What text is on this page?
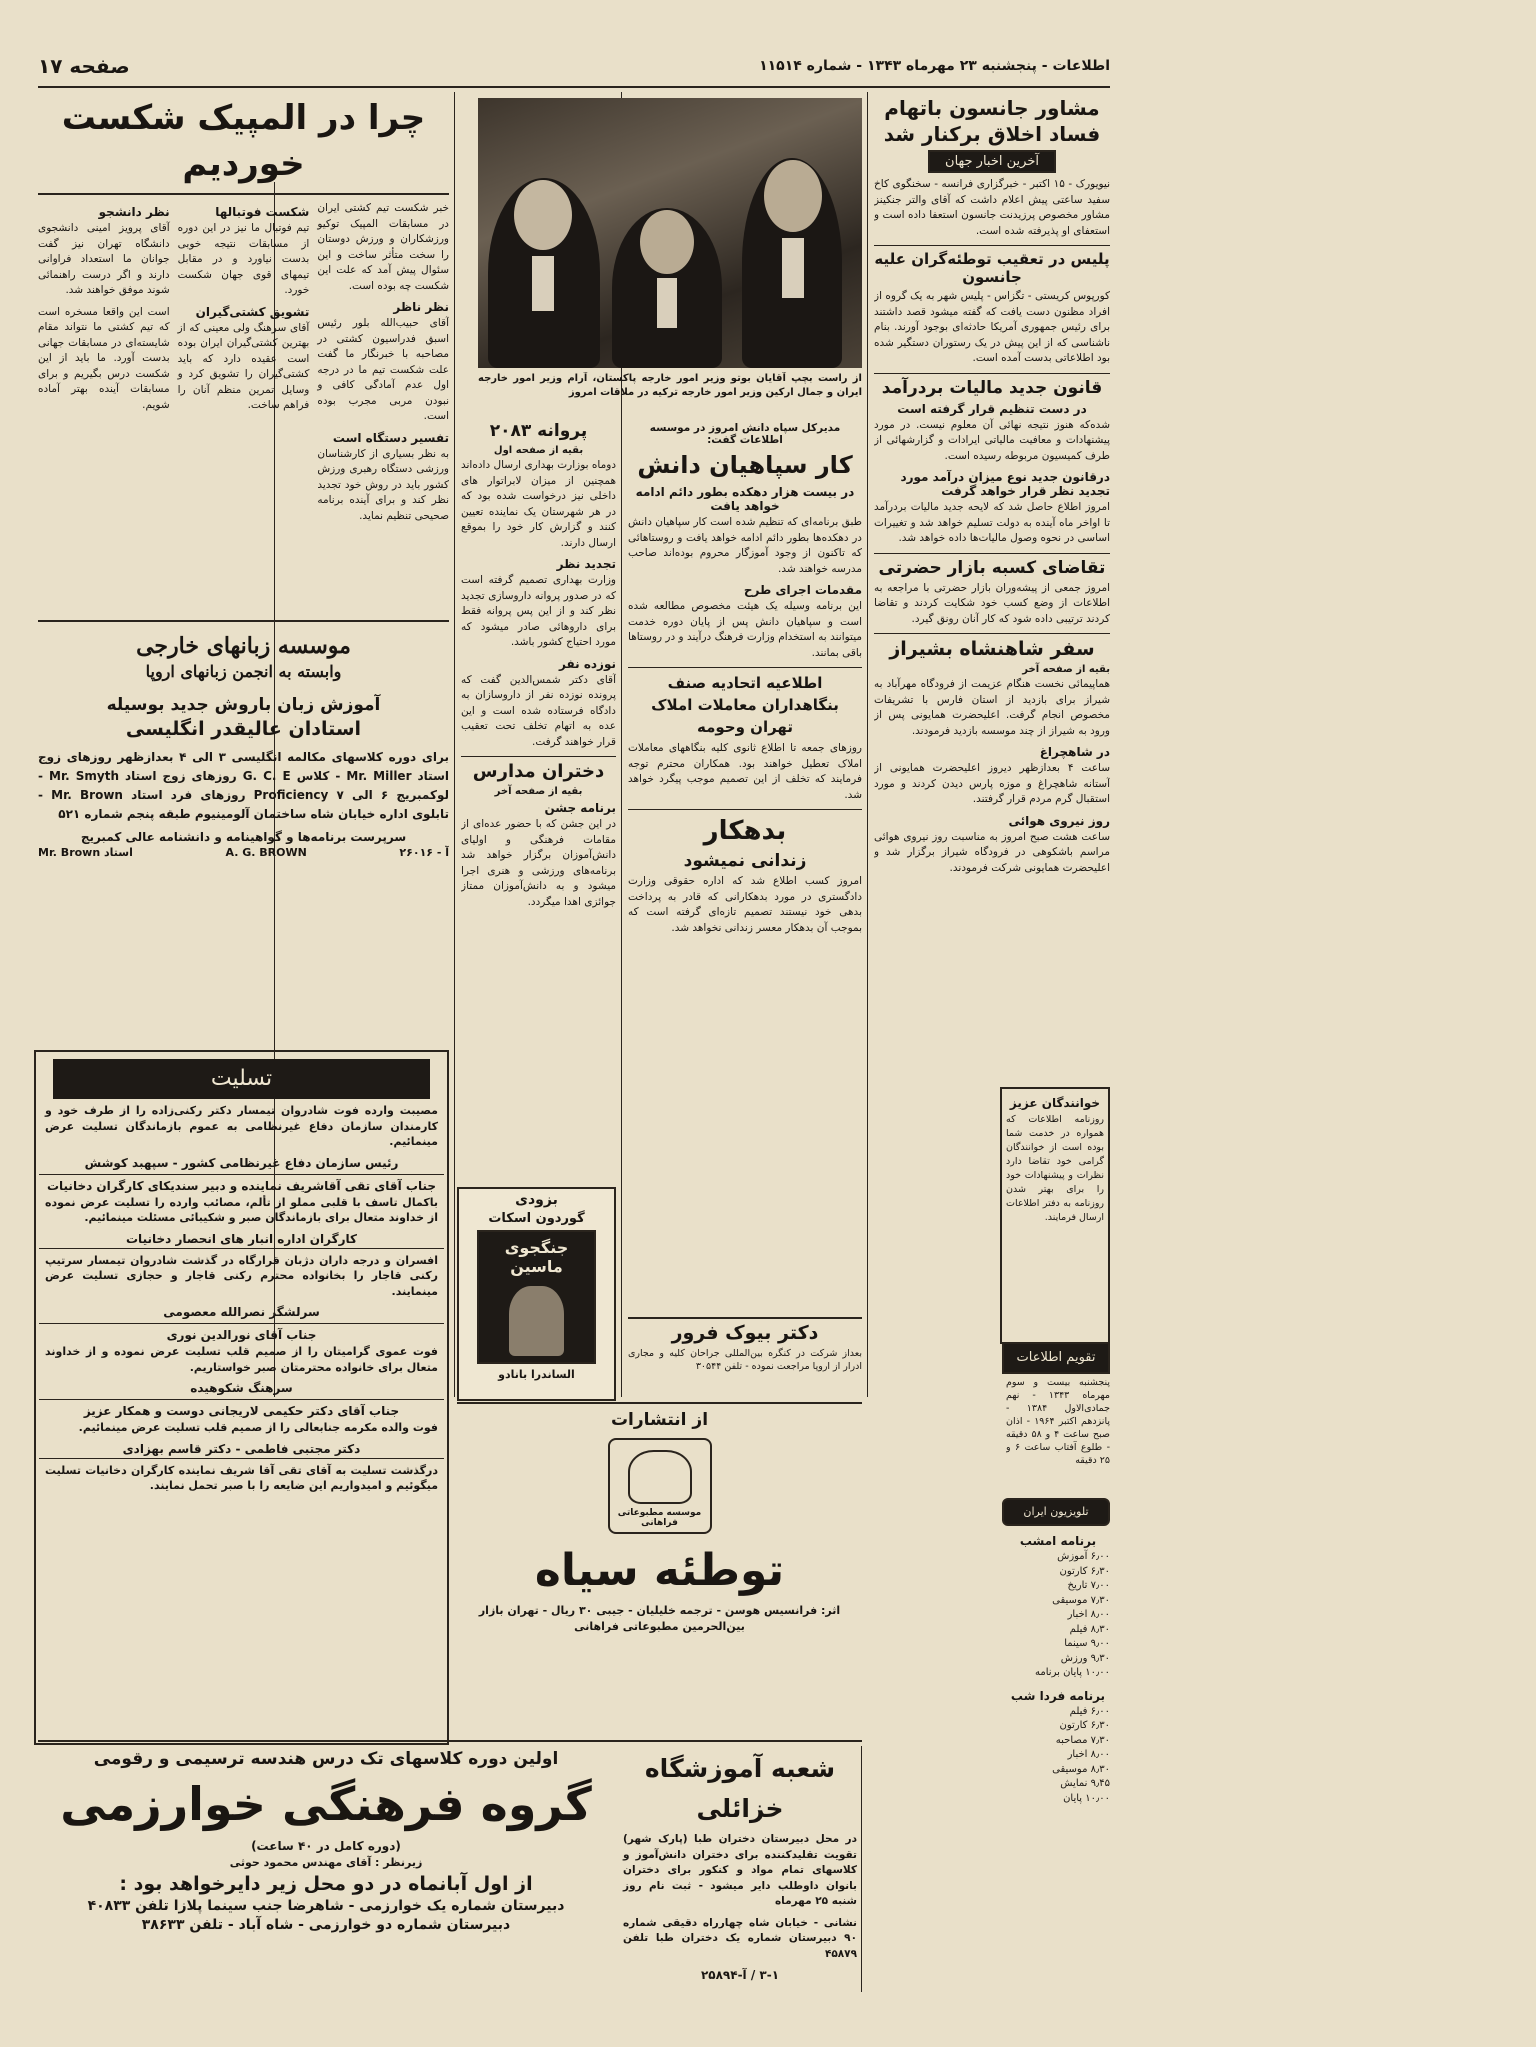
اطلاعات - پنجشنبه ۲۳ مهرماه ۱۳۴۳ - شماره ۱۱۵۱۴
صفحه ۱۷
مشاور جانسون باتهام فساد اخلاق برکنار شد
آخرین اخبار جهان

نیویورک - ۱۵ اکتبر - خبرگزاری فرانسه - سخنگوی کاخ سفید ساعتی پیش اعلام داشت که آقای والتر جنکینز مشاور مخصوص پرزیدنت جانسون استعفا داده است و استعفای او پذیرفته شده است.

پلیس در تعقیب توطئه‌گران علیه جانسون

کورپوس کریستی - تگزاس - پلیس شهر به یک گروه از افراد مظنون دست یافت که گفته میشود قصد داشتند برای رئیس جمهوری آمریکا حادثه‌ای بوجود آورند. بنام ناشناسی که از این پیش در یک رستوران دستگیر شده بود اطلاعاتی بدست آمده است.

قانون جدید مالیات بردرآمد
در دست تنظیم قرار گرفته است

شده‌که هنوز نتیجه نهائی آن معلوم نیست. در مورد پیشنهادات و معافیت مالیاتی ایرادات و گزارشهائی از طرف کمیسیون مربوطه رسیده است.

درقانون جدید نوع میزان درآمد مورد تجدید نظر قرار خواهد گرفت

امروز اطلاع حاصل شد که لایحه جدید مالیات بردرآمد تا اواخر ماه آینده به دولت تسلیم خواهد شد و تغییرات اساسی در نحوه وصول مالیات‌ها داده خواهد شد.

تقاضای کسبه بازار حضرتی

امروز جمعی از پیشه‌وران بازار حضرتی با مراجعه به اطلاعات از وضع کسب خود شکایت کردند و تقاضا کردند ترتیبی داده شود که کار آنان رونق گیرد.

سفر شاهنشاه بشیراز
بقیه از صفحه آخر

هماپیمائی نخست هنگام عزیمت از فرودگاه مهرآباد به شیراز برای بازدید از استان فارس با تشریفات مخصوص انجام گرفت. اعلیحضرت همایونی پس از ورود به شیراز از چند موسسه بازدید فرمودند.

در شاهچراغ

ساعت ۴ بعدازظهر دیروز اعلیحضرت همایونی از آستانه شاهچراغ و موزه پارس دیدن کردند و مورد استقبال گرم مردم قرار گرفتند.

روز نیروی هوائی

ساعت هشت صبح امروز به مناسبت روز نیروی هوائی مراسم باشکوهی در فرودگاه شیراز برگزار شد و اعلیحضرت همایونی شرکت فرمودند.

خوانندگان عزیز

روزنامه اطلاعات که همواره در خدمت شما بوده است از خوانندگان گرامی خود تقاضا دارد نظرات و پیشنهادات خود را برای بهتر شدن روزنامه به دفتر اطلاعات ارسال فرمایند.

تقویم اطلاعات

پنجشنبه بیست و سوم مهرماه ۱۳۴۳ - نهم جمادی‌الاول ۱۳۸۴ - پانزدهم اکتبر ۱۹۶۴ - اذان صبح ساعت ۴ و ۵۸ دقیقه - طلوع آفتاب ساعت ۶ و ۲۵ دقیقه

تلویزیون ایران
برنامه امشب
۶٫۰۰ آموزش
۶٫۳۰ کارتون
۷٫۰۰ تاریخ
۷٫۳۰ موسیقی
۸٫۰۰ اخبار
۸٫۳۰ فیلم
۹٫۰۰ سینما
۹٫۳۰ ورزش
۱۰٫۰۰ پایان برنامه
برنامه فردا شب
۶٫۰۰ فیلم
۶٫۳۰ کارتون
۷٫۳۰ مصاحبه
۸٫۰۰ اخبار
۸٫۳۰ موسیقی
۹٫۴۵ نمایش
۱۰٫۰۰ پایان

از راست بچپ آقایان بوتو وزیر امور خارجه پاکستان، آرام وزیر امور خارجه ایران و جمال ارکین وزیر امور خارجه ترکیه در ملاقات امروز

مدیرکل سپاه دانش امروز در موسسه اطلاعات گفت:
کار سپاهیان دانش
در بیست هزار دهکده بطور دائم ادامه خواهد یافت

طبق برنامه‌ای که تنظیم شده است کار سپاهیان دانش در دهکده‌ها بطور دائم ادامه خواهد یافت و روستاهائی که تاکنون از وجود آموزگار محروم بوده‌اند صاحب مدرسه خواهند شد.

مقدمات اجرای طرح

این برنامه وسیله یک هیئت مخصوص مطالعه شده است و سپاهیان دانش پس از پایان دوره خدمت میتوانند به استخدام وزارت فرهنگ درآیند و در روستاها باقی بمانند.

اطلاعیه اتحادیه صنف بنگاهداران معاملات املاک تهران وحومه

روزهای جمعه تا اطلاع ثانوی کلیه بنگاههای معاملات املاک تعطیل خواهند بود. همکاران محترم توجه فرمایند که تخلف از این تصمیم موجب پیگرد خواهد شد.

بدهکار
زندانی نمیشود

امروز کسب اطلاع شد که اداره حقوقی وزارت دادگستری در مورد بدهکارانی که قادر به پرداخت بدهی خود نیستند تصمیم تازه‌ای گرفته است که بموجب آن بدهکار معسر زندانی نخواهد شد.

پروانه ۲۰۸۳
بقیه از صفحه اول

دوماه بوزارت بهداری ارسال داده‌اند همچنین از میزان لابراتوار های داخلی نیز درخواست شده بود که در هر شهرستان یک نماینده تعیین کنند و گزارش کار خود را بموقع ارسال دارند.

تجدید نظر

وزارت بهداری تصمیم گرفته است که در صدور پروانه داروسازی تجدید نظر کند و از این پس پروانه فقط برای داروهائی صادر میشود که مورد احتیاج کشور باشد.

نوزده نفر

آقای دکتر شمس‌الدین گفت که پرونده نوزده نفر از داروسازان به دادگاه فرستاده شده است و این عده به اتهام تخلف تحت تعقیب قرار خواهند گرفت.

دختران مدارس
بقیه از صفحه آخر
برنامه جشن

در این جشن که با حضور عده‌ای از مقامات فرهنگی و اولیای دانش‌آموزان برگزار خواهد شد برنامه‌های ورزشی و هنری اجرا میشود و به دانش‌آموزان ممتاز جوائزی اهدا میگردد.

بزودی
گوردون اسکات
جنگجوی ماسین
الساندرا بانادو
دکتر بیوک فرور

بعداز شرکت در کنگره بین‌المللی جراحان کلیه و مجاری ادرار از اروپا مراجعت نموده - تلفن ۳۰۵۴۴

چرا در المپیک شکست خوردیم

خبر شکست تیم کشتی ایران در مسابقات المپیک توکیو ورزشکاران و ورزش دوستان را سخت متأثر ساخت و این سئوال پیش آمد که علت این شکست چه بوده است.

نظر ناظر

آقای حبیب‌الله بلور رئیس اسبق فدراسیون کشتی در مصاحبه با خبرنگار ما گفت علت شکست تیم ما در درجه اول عدم آمادگی کافی و نبودن مربی مجرب بوده است.

تفسیر دستگاه است

به نظر بسیاری از کارشناسان ورزشی دستگاه رهبری ورزش کشور باید در روش خود تجدید نظر کند و برای آینده برنامه صحیحی تنظیم نماید.

شکست فوتبالها

تیم فوتبال ما نیز در این دوره از مسابقات نتیجه خوبی بدست نیاورد و در مقابل تیمهای قوی جهان شکست خورد.

تشویق کشتی‌گیران

آقای سرهنگ ولی معینی که از بهترین کشتی‌گیران ایران بوده است عقیده دارد که باید کشتی‌گیران را تشویق کرد و وسایل تمرین منظم آنان را فراهم ساخت.

نظر دانشجو

آقای پرویز امینی دانشجوی دانشگاه تهران نیز گفت جوانان ما استعداد فراوانی دارند و اگر درست راهنمائی شوند موفق خواهند شد.

است این واقعا مسخره است که تیم کشتی ما نتواند مقام شایسته‌ای در مسابقات جهانی بدست آورد. ما باید از این شکست درس بگیریم و برای مسابقات آینده بهتر آماده شویم.

موسسه زبانهای خارجی
وابسته به انجمن زبانهای اروپا
آموزش زبان باروش جدید بوسیله
استادان عالیقدر انگلیسی

برای دوره کلاسهای مکالمه انگلیسی ۳ الی ۴ بعدازظهر روزهای زوج استاد Mr. Miller - کلاس G. C. E روزهای زوج استاد Mr. Smyth - لوکمبریج ۶ الی ۷ Proficiency روزهای فرد استاد Mr. Brown - تابلوی اداره خیابان شاه ساختمان آلومینیوم طبقه پنجم شماره ۵۲۱

سرپرست برنامه‌ها و گواهینامه و دانشنامه عالی کمبریج
آ - ۲۶۰۱۶
A. G. BROWN
استاد Mr. Brown
تسلیت

مصیبت وارده فوت شادروان تیمسار دکتر رکنی‌زاده را از طرف خود و کارمندان سازمان دفاع غیرنظامی به عموم بازماندگان تسلیت عرض مینمائیم.

رئیس سازمان دفاع غیرنظامی کشور - سپهبد کوشش
جناب آقای تقی آقاشریف نماینده و دبیر سندیکای کارگران دخانیات

باکمال تاسف با قلبی مملو از تألم، مصائب وارده را تسلیت عرض نموده از خداوند متعال برای بازماندگان صبر و شکیبائی مسئلت مینمائیم.

کارگران اداره انبار های انحصار دخانیات

افسران و درجه داران دژبان قرارگاه در گذشت شادروان تیمسار سرتیپ رکنی قاجار را بخانواده محترم رکنی قاجار و حجازی تسلیت عرض مینمایند.

سرلشگر نصرالله معصومی
جناب آقای نورالدین نوری

فوت عموی گرامیتان را از صمیم قلب تسلیت عرض نموده و از خداوند متعال برای خانواده محترمتان صبر خواستاریم.

سرهنگ شکوهیده
جناب آقای دکتر حکیمی لاریجانی دوست و همکار عزیز

فوت والده مکرمه جنابعالی را از صمیم قلب تسلیت عرض مینمائیم.

دکتر مجتبی فاطمی - دکتر قاسم بهزادی

درگذشت تسلیت به آقای تقی آقا شریف نماینده کارگران دخانیات تسلیت میگوئیم و امیدواریم این ضایعه را با صبر تحمل نمایند.

از انتشارات
موسسه مطبوعاتی فراهانی
توطئه سیاه

اثر: فرانسیس هوسن - ترجمه خلیلیان - جیبی ۳۰ ریال - تهران بازار بین‌الحرمین مطبوعاتی فراهانی

اولین دوره کلاسهای تک درس هندسه ترسیمی و رقومی
گروه فرهنگی خوارزمی
(دوره کامل در ۴۰ ساعت)
زیرنظر : آقای مهندس محمود حوثی
از اول آبانماه در دو محل زیر دایرخواهد بود :
دبیرستان شماره یک خوارزمی - شاهرضا جنب سینما پلازا تلفن ۴۰۸۳۳
دبیرستان شماره دو خوارزمی - شاه آباد - تلفن ۳۸۶۳۳
شعبه آموزشگاه خزائلی

در محل دبیرستان دختران طبا (پارک شهر) تقویت تقلیدکننده برای دختران دانش‌آموز و کلاسهای تمام مواد و کنکور برای دختران بانوان داوطلب دایر میشود - ثبت نام روز شنبه ۲۵ مهرماه

نشانی - خیابان شاه چهارراه دقیقی شماره ۹۰ دبیرستان شماره یک دختران طبا تلفن ۴۵۸۷۹

۳-۱ / آ-۲۵۸۹۴
